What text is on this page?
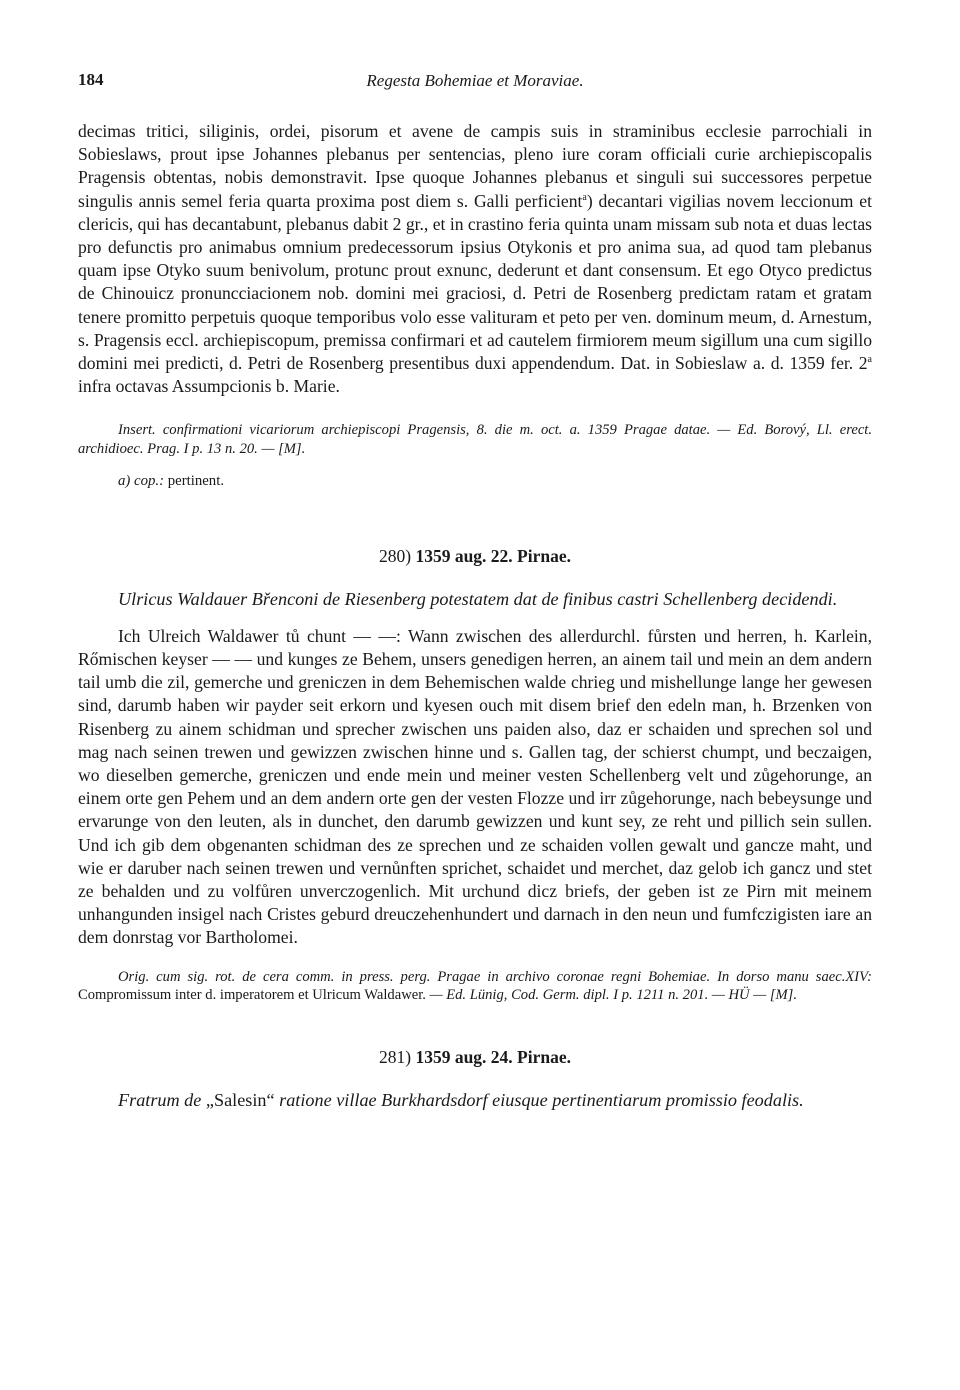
184	Regesta Bohemiae et Moraviae.

decimas tritici, siliginis, ordei, pisorum et avene de campis suis in straminibus ecclesie parrochiali in Sobieslaws, prout ipse Johannes plebanus per sentencias, pleno iure coram officiali curie archiepiscopalis Pragensis obtentas, nobis demonstravit. Ipse quoque Johannes plebanus et singuli sui successores perpetue singulis annis semel feria quarta proxima post diem s. Galli perficient$^a$) decantari vigilias novem leccionum et clericis, qui has decantabunt, plebanus dabit 2 gr., et in crastino feria quinta unam missam sub nota et duas lectas pro defunctis pro animabus omnium predecessorum ipsius Otykonis et pro anima sua, ad quod tam plebanus quam ipse Otyko suum benivolum, protunc prout exnunc, dederunt et dant consensum. Et ego Otyco predictus de Chinouicz pronuncciacionem nob. domini mei graciosi, d. Petri de Rosenberg predictam ratam et gratam tenere promitto perpetuis quoque temporibus volo esse valituram et peto per ven. dominum meum, d. Arnestum, s. Pragensis eccl. archiepiscopum, premissa confirmari et ad cautelem firmiorem meum sigillum una cum sigillo domini mei predicti, d. Petri de Rosenberg presentibus duxi appendendum. Dat. in Sobieslaw a. d. 1359 fer. 2$^a$ infra octavas Assumpcionis b. Marie.

Insert. confirmationi vicariorum archiepiscopi Pragensis, 8. die m. oct. a. 1359 Pragae datae. — Ed. Borový, Ll. erect. archidioec. Prag. I p. 13 n. 20. — [M].

a) cop.: pertinent.

280) 1359 aug. 22. Pirnae.

Ulricus Waldauer Břenconi de Riesenberg potestatem dat de finibus castri Schellenberg decidendi.

Ich Ulreich Waldawer tů chunt — —: Wann zwischen des allerdurchl. fůrsten und herren, h. Karlein, Rőmischen keyser — — und kunges ze Behem, unsers genedigen herren, an ainem tail und mein an dem andern tail umb die zil, gemerche und greniczen in dem Behemischen walde chrieg und mishellunge lange her gewesen sind, darumb haben wir payder seit erkorn und kyesen ouch mit disem brief den edeln man, h. Brzenken von Risenberg zu ainem schidman und sprecher zwischen uns paiden also, daz er schaiden und sprechen sol und mag nach seinen trewen und gewizzen zwischen hinne und s. Gallen tag, der schierst chumpt, und beczaigen, wo dieselben gemerche, greniczen und ende mein und meiner vesten Schellenberg velt und zůgehorunge, an einem orte gen Pehem und an dem andern orte gen der vesten Flozze und irr zůgehorunge, nach bebeysunge und ervarunge von den leuten, als in dunchet, den darumb gewizzen und kunt sey, ze reht und pillich sein sullen. Und ich gib dem obgenanten schidman des ze sprechen und ze schaiden vollen gewalt und gancze maht, und wie er daruber nach seinen trewen und vernůnften sprichet, schaidet und merchet, daz gelob ich gancz und stet ze behalden und zu volfůren unverczogenlich. Mit urchund dicz briefs, der geben ist ze Pirn mit meinem unhangunden insigel nach Cristes geburd dreuczehenhundert und darnach in den neun und fumfczigisten iare an dem donrstag vor Bartholomei.

Orig. cum sig. rot. de cera comm. in press. perg. Pragae in archivo coronae regni Bohemiae. In dorso manu saec.XIV: Compromissum inter d. imperatorem et Ulricum Waldawer. — Ed. Lünig, Cod. Germ. dipl. I p. 1211 n. 201. — HÜ — [M].

281) 1359 aug. 24. Pirnae.

Fratrum de „Salesin“ ratione villae Burkhardsdorf eiusque pertinentiarum promissio feodalis.
